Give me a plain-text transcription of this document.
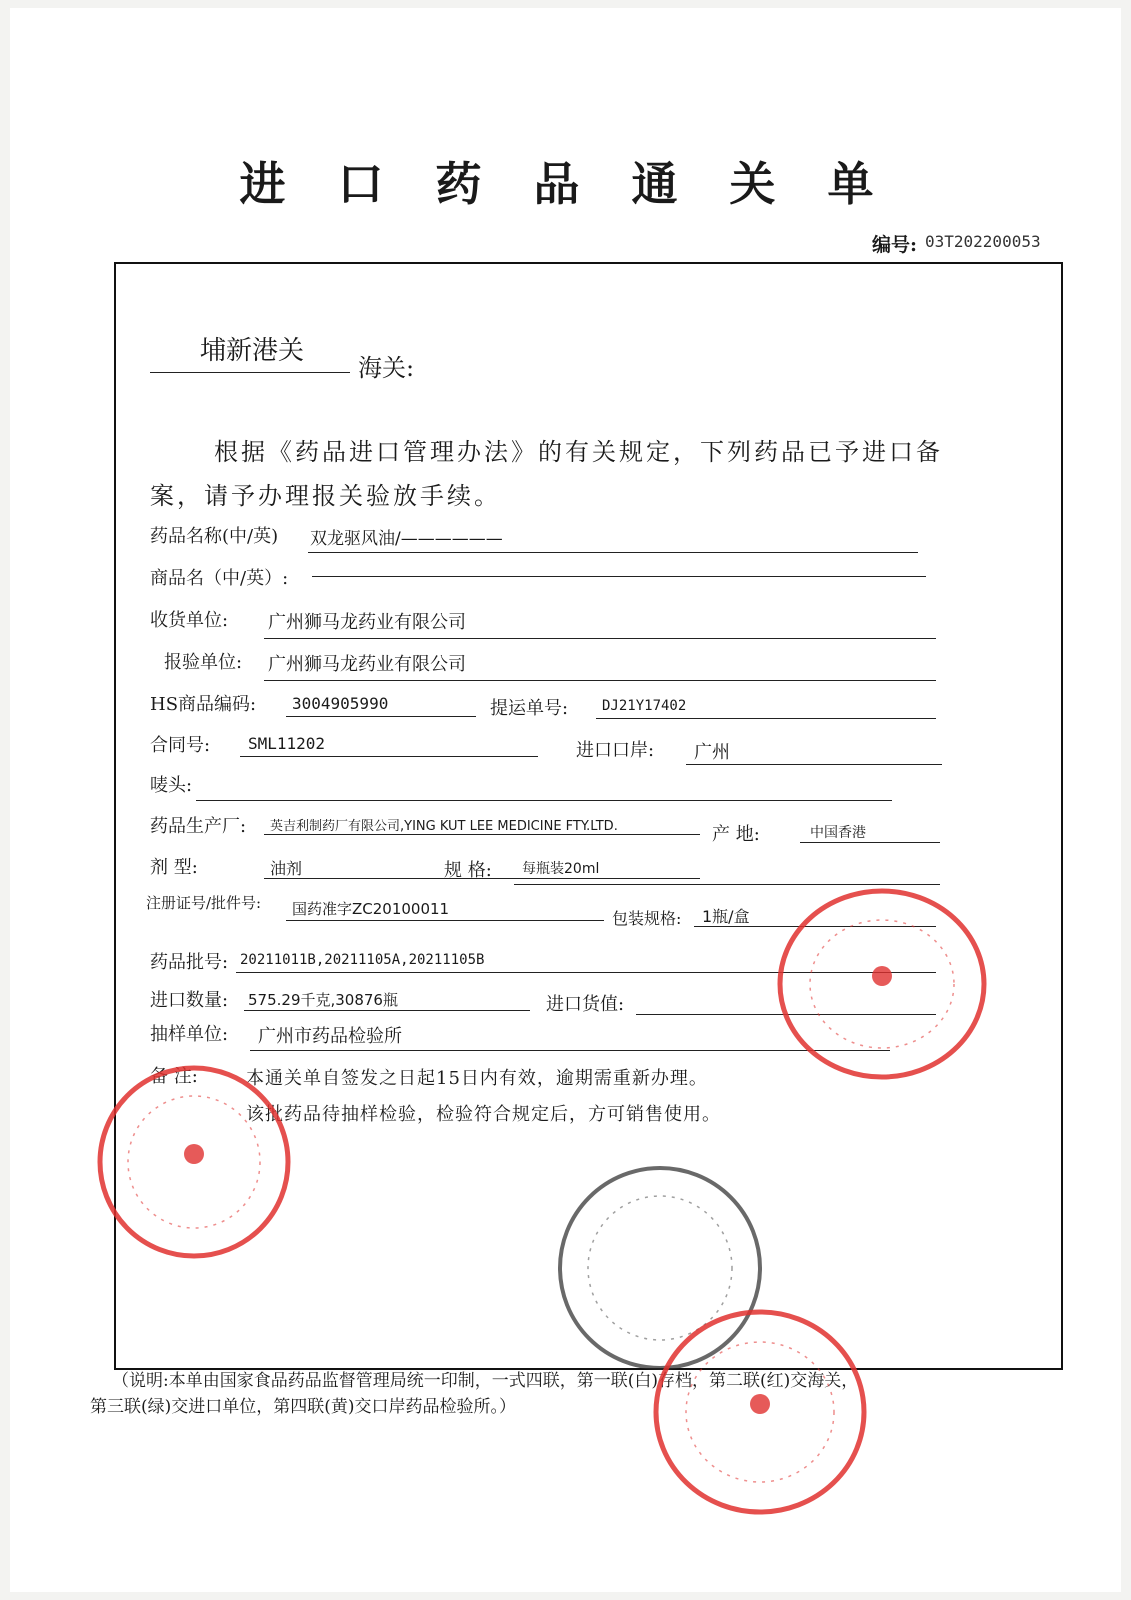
进 口 药 品 通 关 单
编号: 03T202200053
埔新港关
海关:
根据《药品进口管理办法》的有关规定，下列药品已予进口备
案，请予办理报关验放手续。
药品名称(中/英) 双龙驱风油/——————
商品名（中/英）:
收货单位: 广州狮马龙药业有限公司
报验单位: 广州狮马龙药业有限公司
HS商品编码: 3004905990	提运单号: DJ21Y17402
合同号: SML11202	进口口岸: 广州
唛头:
药品生产厂: 英吉利制药厂有限公司,YING KUT LEE MEDICINE FTY.LTD.	产 地:	中国香港
剂 型:	油剂	规 格: 每瓶装20ml
注册证号/批件号: 国药准字ZC20100011	包装规格: 1瓶/盒
药品批号: 20211011B,20211105A,20211105B
进口数量: 575.29千克,30876瓶	进口货值:
抽样单位: 广州市药品检验所
备 注:	本通关单自签发之日起15日内有效，逾期需重新办理。
该批药品待抽样检验，检验符合规定后，方可销售使用。
（说明:本单由国家食品药品监督管理局统一印制，一式四联，第一联(白)存档，第二联(红)交海关，
第三联(绿)交进口单位，第四联(黄)交口岸药品检验所。）
